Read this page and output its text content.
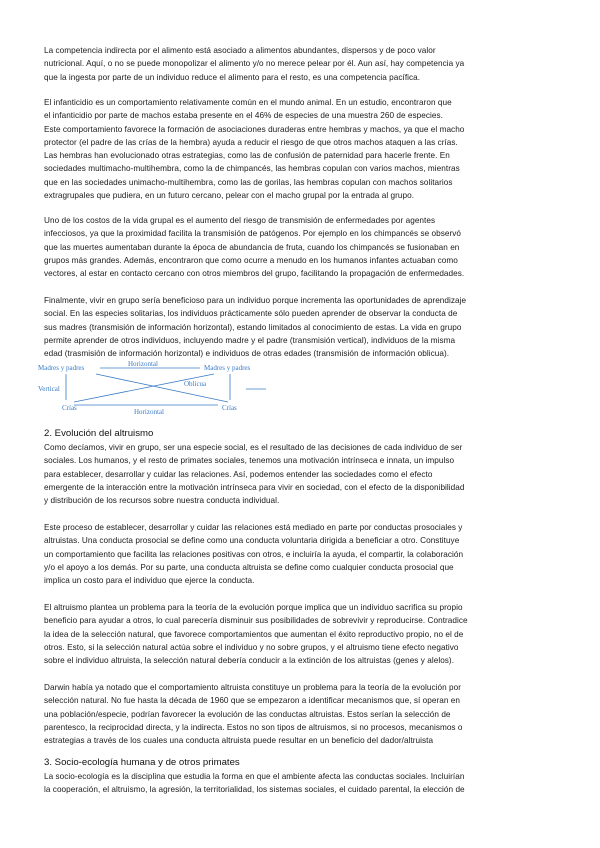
La competencia indirecta por el alimento está asociado a alimentos abundantes, dispersos y de poco valor
nutricional. Aquí, o no se puede monopolizar el alimento y/o no merece pelear por él. Aun así, hay competencia ya
que la ingesta por parte de un individuo reduce el alimento para el resto, es una competencia pacífica.
El infanticidio es un comportamiento relativamente común en el mundo animal. En un estudio, encontraron que
el infanticidio por parte de machos estaba presente en el 46% de especies de una muestra 260 de especies.
Este comportamiento favorece la formación de asociaciones duraderas entre hembras y machos, ya que el macho
protector (el padre de las crías de la hembra) ayuda a reducir el riesgo de que otros machos ataquen a las crías.
Las hembras han evolucionado otras estrategias, como las de confusión de paternidad para hacerle frente. En
sociedades multimacho-multihembra, como la de chimpancés, las hembras copulan con varios machos, mientras
que en las sociedades unimacho-multihembra, como las de gorilas, las hembras copulan con machos solitarios
extragrupales que pudiera, en un futuro cercano, pelear con el macho grupal por la entrada al grupo.
Uno de los costos de la vida grupal es el aumento del riesgo de transmisión de enfermedades por agentes
infecciosos, ya que la proximidad facilita la transmisión de patógenos. Por ejemplo en los chimpancés se observó
que las muertes aumentaban durante la época de abundancia de fruta, cuando los chimpancés se fusionaban en
grupos más grandes. Además, encontraron que como ocurre a menudo en los humanos infantes actuaban como
vectores, al estar en contacto cercano con otros miembros del grupo, facilitando la propagación de enfermedades.
Finalmente, vivir en grupo sería beneficioso para un individuo porque incrementa las oportunidades de aprendizaje
social. En las especies solitarias, los individuos prácticamente sólo pueden aprender de observar la conducta de
sus madres (transmisión de información horizontal), estando limitados al conocimiento de estas. La vida en grupo
permite aprender de otros individuos, incluyendo madre y el padre (transmisión vertical), individuos de la misma
edad (trasmisión de información horizontal) e individuos de otras edades (transmisión de información oblicua).
Madres y padres	Horizontal	Madres y padres
Oblicua
Vertical
Crías	Horizontal	Crías
2. Evolución del altruismo
Como decíamos, vivir en grupo, ser una especie social, es el resultado de las decisiones de cada individuo de ser
sociales. Los humanos, y el resto de primates sociales, tenemos una motivación intrínseca e innata, un impulso
para establecer, desarrollar y cuidar las relaciones. Así, podemos entender las sociedades como el efecto
emergente de la interacción entre la motivación intrínseca para vivir en sociedad, con el efecto de la disponibilidad
y distribución de los recursos sobre nuestra conducta individual.
Este proceso de establecer, desarrollar y cuidar las relaciones está mediado en parte por conductas prosociales y
altruistas. Una conducta prosocial se define como una conducta voluntaria dirigida a beneficiar a otro. Constituye
un comportamiento que facilita las relaciones positivas con otros, e incluiría la ayuda, el compartir, la colaboración
y/o el apoyo a los demás. Por su parte, una conducta altruista se define como cualquier conducta prosocial que
implica un costo para el individuo que ejerce la conducta.
El altruismo plantea un problema para la teoría de la evolución porque implica que un individuo sacrifica su propio
beneficio para ayudar a otros, lo cual parecería disminuir sus posibilidades de sobrevivir y reproducirse. Contradice
la idea de la selección natural, que favorece comportamientos que aumentan el éxito reproductivo propio, no el de
otros. Esto, si la selección natural actúa sobre el individuo y no sobre grupos, y el altruismo tiene efecto negativo
sobre el individuo altruista, la selección natural debería conducir a la extinción de los altruistas (genes y alelos).
Darwin había ya notado que el comportamiento altruista constituye un problema para la teoría de la evolución por
selección natural. No fue hasta la década de 1960 que se empezaron a identificar mecanismos que, sí operan en
una población/especie, podrían favorecer la evolución de las conductas altruistas. Estos serían la selección de
parentesco, la reciprocidad directa, y la indirecta. Estos no son tipos de altruismos, si no procesos, mecanismos o
estrategias a través de los cuales una conducta altruista puede resultar en un beneficio del dador/altruista
3. Socio-ecología humana y de otros primates
La socio-ecología es la disciplina que estudia la forma en que el ambiente afecta las conductas sociales. Incluirían
la cooperación, el altruismo, la agresión, la territorialidad, los sistemas sociales, el cuidado parental, la elección de
